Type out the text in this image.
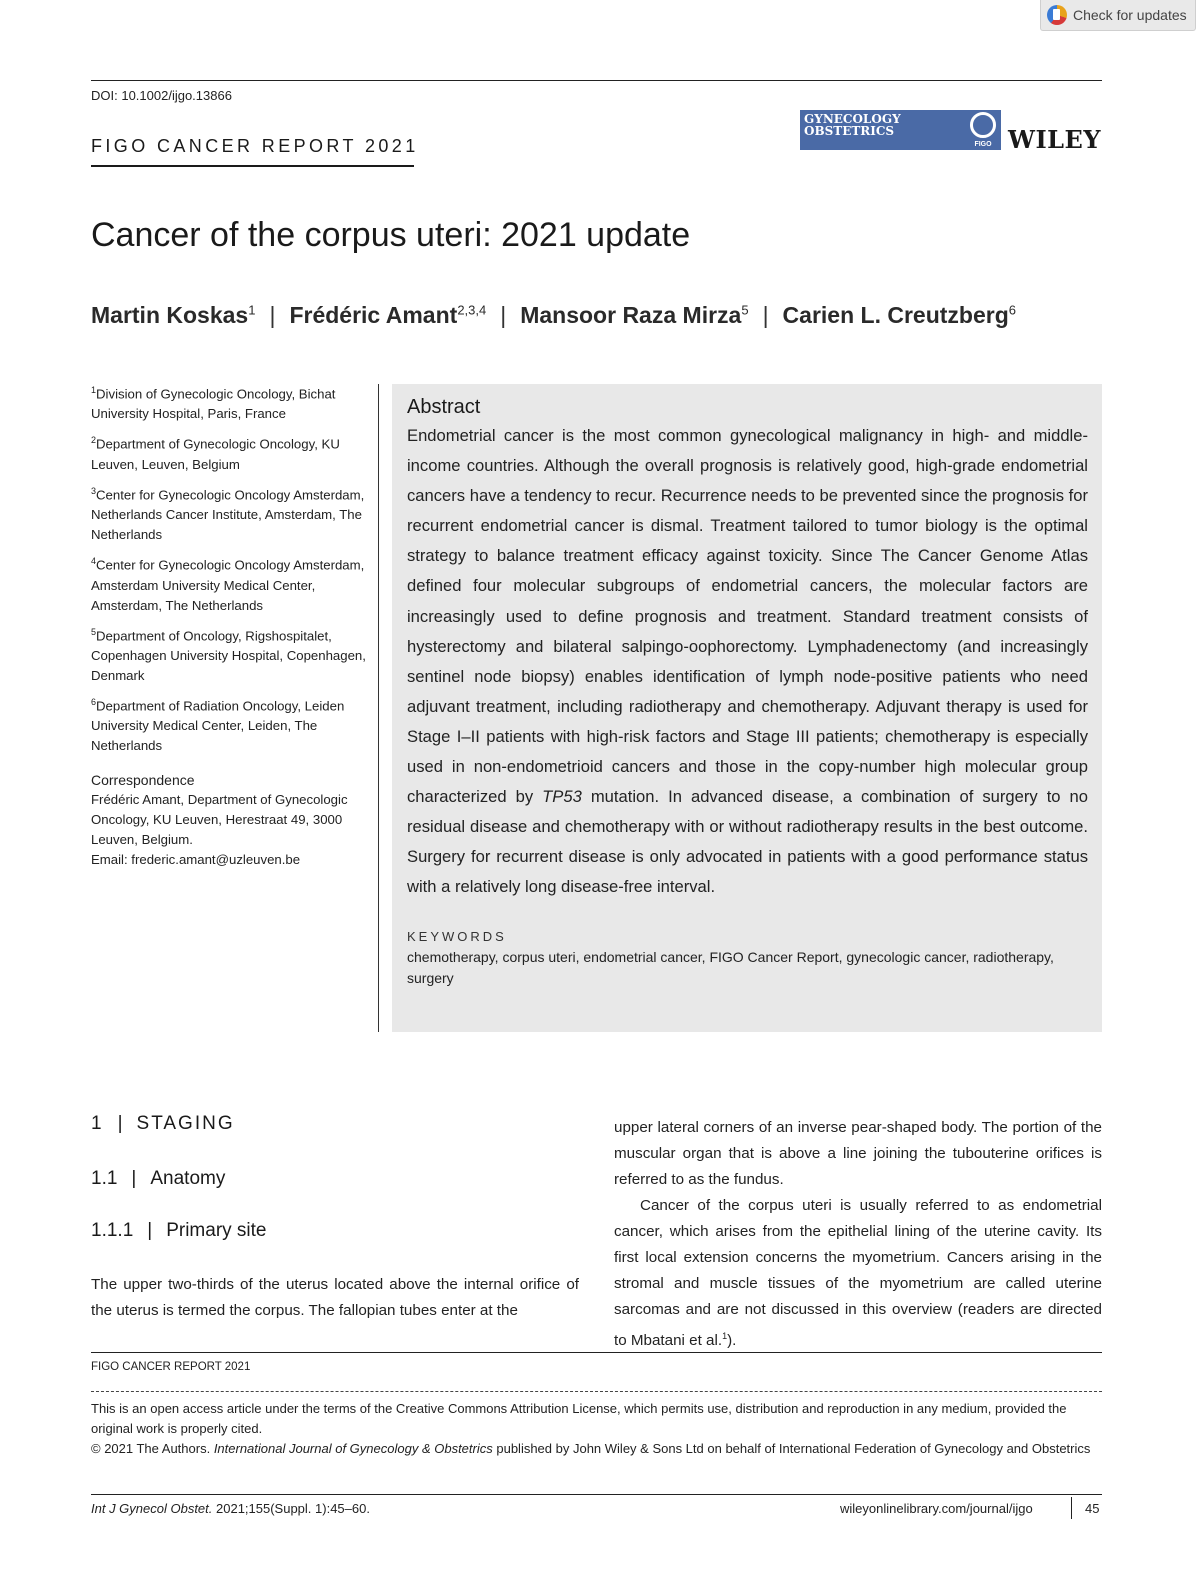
Check for updates
DOI: 10.1002/ijgo.13866
FIGO CANCER REPORT 2021
GYNECOLOGY
OBSTETRICS
FIGO WILEY
Cancer of the corpus uteri: 2021 update
Martin Koskas$^1$ | Frédéric Amant$^{2,3,4}$ | Mansoor Raza Mirza$^5$ | Carien L. Creutzberg$^6$
$^1$Division of Gynecologic Oncology, Bichat University Hospital, Paris, France
$^2$Department of Gynecologic Oncology, KU Leuven, Leuven, Belgium
$^3$Center for Gynecologic Oncology Amsterdam, Netherlands Cancer Institute, Amsterdam, The Netherlands
$^4$Center for Gynecologic Oncology Amsterdam, Amsterdam University Medical Center, Amsterdam, The Netherlands
$^5$Department of Oncology, Rigshospitalet, Copenhagen University Hospital, Copenhagen, Denmark
$^6$Department of Radiation Oncology, Leiden University Medical Center, Leiden, The Netherlands
Correspondence
Frédéric Amant, Department of Gynecologic Oncology, KU Leuven, Herestraat 49, 3000 Leuven, Belgium.
Email: frederic.amant@uzleuven.be
Abstract
Endometrial cancer is the most common gynecological malignancy in high- and middle-income countries. Although the overall prognosis is relatively good, high-grade endometrial cancers have a tendency to recur. Recurrence needs to be prevented since the prognosis for recurrent endometrial cancer is dismal. Treatment tailored to tumor biology is the optimal strategy to balance treatment efficacy against toxicity. Since The Cancer Genome Atlas defined four molecular subgroups of endometrial cancers, the molecular factors are increasingly used to define prognosis and treatment. Standard treatment consists of hysterectomy and bilateral salpingo-oophorectomy. Lymphadenectomy (and increasingly sentinel node biopsy) enables identification of lymph node-positive patients who need adjuvant treatment, including radiotherapy and chemotherapy. Adjuvant therapy is used for Stage I–II patients with high-risk factors and Stage III patients; chemotherapy is especially used in non-endometrioid cancers and those in the copy-number high molecular group characterized by TP53 mutation. In advanced disease, a combination of surgery to no residual disease and chemotherapy with or without radiotherapy results in the best outcome. Surgery for recurrent disease is only advocated in patients with a good performance status with a relatively long disease-free interval.
KEYWORDS
chemotherapy, corpus uteri, endometrial cancer, FIGO Cancer Report, gynecologic cancer, radiotherapy, surgery
1 | STAGING
1.1 | Anatomy
1.1.1 | Primary site
The upper two-thirds of the uterus located above the internal orifice of the uterus is termed the corpus. The fallopian tubes enter at the

upper lateral corners of an inverse pear-shaped body. The portion of the muscular organ that is above a line joining the tubouterine orifices is referred to as the fundus.

Cancer of the corpus uteri is usually referred to as endometrial cancer, which arises from the epithelial lining of the uterine cavity. Its first local extension concerns the myometrium. Cancers arising in the stromal and muscle tissues of the myometrium are called uterine sarcomas and are not discussed in this overview (readers are directed to Mbatani et al.$^1$).

FIGO CANCER REPORT 2021
This is an open access article under the terms of the Creative Commons Attribution License, which permits use, distribution and reproduction in any medium, provided the original work is properly cited.
© 2021 The Authors. International Journal of Gynecology & Obstetrics published by John Wiley & Sons Ltd on behalf of International Federation of Gynecology and Obstetrics
Int J Gynecol Obstet. 2021;155(Suppl. 1):45–60.	wileyonlinelibrary.com/journal/ijgo	45
